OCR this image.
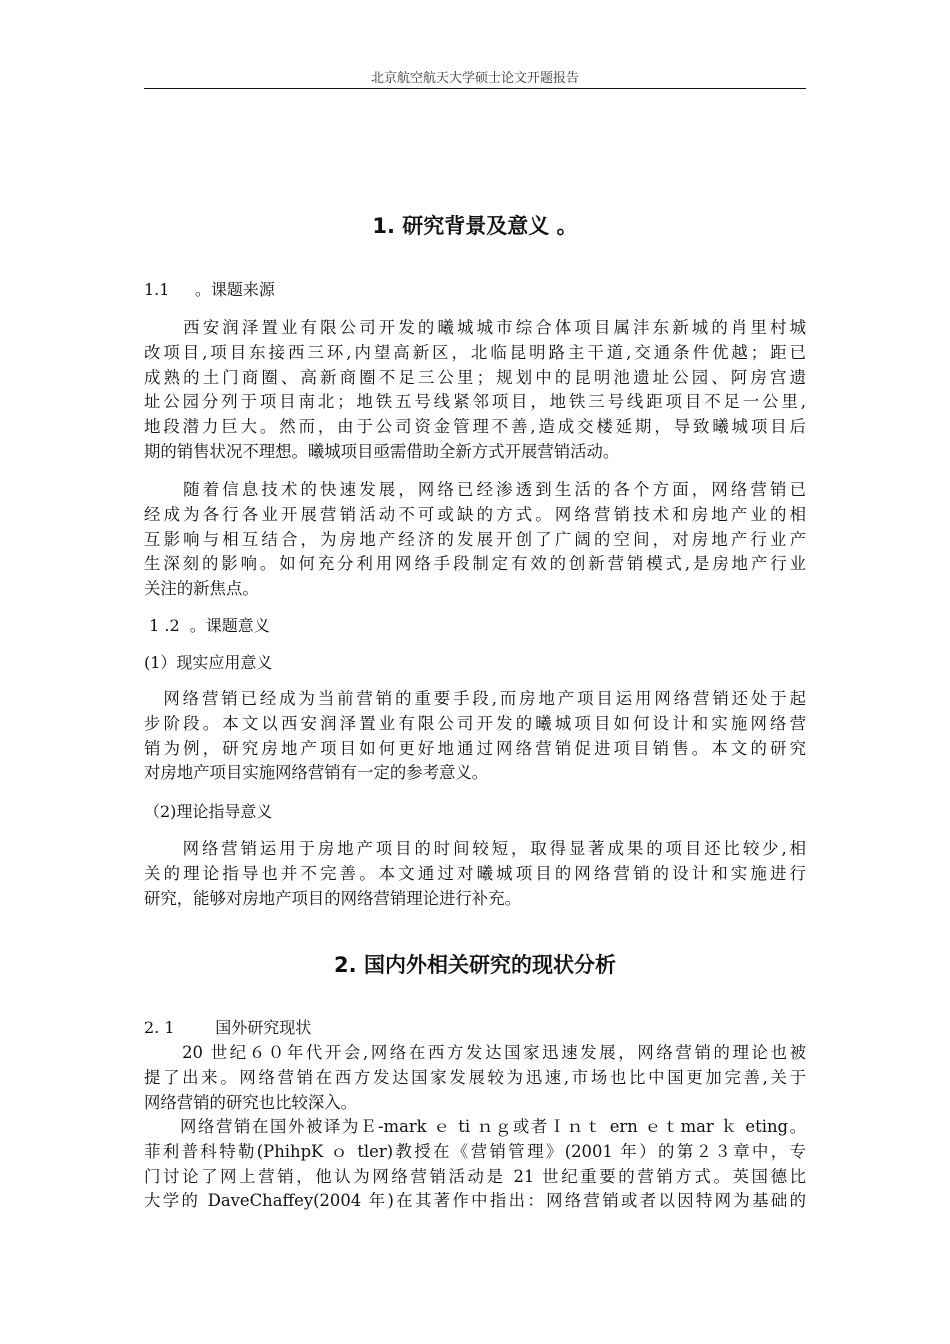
北京航空航天大学硕士论文开题报告
1. 研究背景及意义 。
1.1     。课题来源
　　西安润泽置业有限公司开发的曦城城市综合体项目属沣东新城的肖里村城
改项目,项目东接西三环,内望高新区，北临昆明路主干道,交通条件优越；距已
成熟的土门商圈、高新商圈不足三公里；规划中的昆明池遗址公园、阿房宫遗
址公园分列于项目南北；地铁五号线紧邻项目，地铁三号线距项目不足一公里,
地段潜力巨大。然而，由于公司资金管理不善,造成交楼延期，导致曦城项目后
期的销售状况不理想。曦城项目亟需借助全新方式开展营销活动。
　　随着信息技术的快速发展，网络已经渗透到生活的各个方面，网络营销已
经成为各行各业开展营销活动不可或缺的方式。网络营销技术和房地产业的相
互影响与相互结合，为房地产经济的发展开创了广阔的空间，对房地产行业产
生深刻的影响。如何充分利用网络手段制定有效的创新营销模式,是房地产行业
关注的新焦点。
1 .2  。课题意义
(1）现实应用意义
　网络营销已经成为当前营销的重要手段,而房地产项目运用网络营销还处于起
步阶段。本文以西安润泽置业有限公司开发的曦城项目如何设计和实施网络营
销为例，研究房地产项目如何更好地通过网络营销促进项目销售。本文的研究
对房地产项目实施网络营销有一定的参考意义。
（2)理论指导意义
　　网络营销运用于房地产项目的时间较短，取得显著成果的项目还比较少,相
关的理论指导也并不完善。本文通过对曦城项目的网络营销的设计和实施进行
研究，能够对房地产项目的网络营销理论进行补充。
2. 国内外相关研究的现状分析
2. 1        国外研究现状
　　20 世纪６０年代开会,网络在西方发达国家迅速发展，网络营销的理论也被
提了出来。网络营销在西方发达国家发展较为迅速,市场也比中国更加完善,关于
网络营销的研究也比较深入。
　　网络营销在国外被译为Ｅ-mark ｅ ti ｎｇ或者Ｉｎｔ ern ｅｔmar ｋ eting。
菲利普科特勒(PhihpK ｏ tler)教授在《营销管理》(2001 年）的第２３章中，专
门讨论了网上营销，他认为网络营销活动是 21 世纪重要的营销方式。英国德比
大学的 DaveChaffey(2004 年)在其著作中指出：网络营销或者以因特网为基础的
